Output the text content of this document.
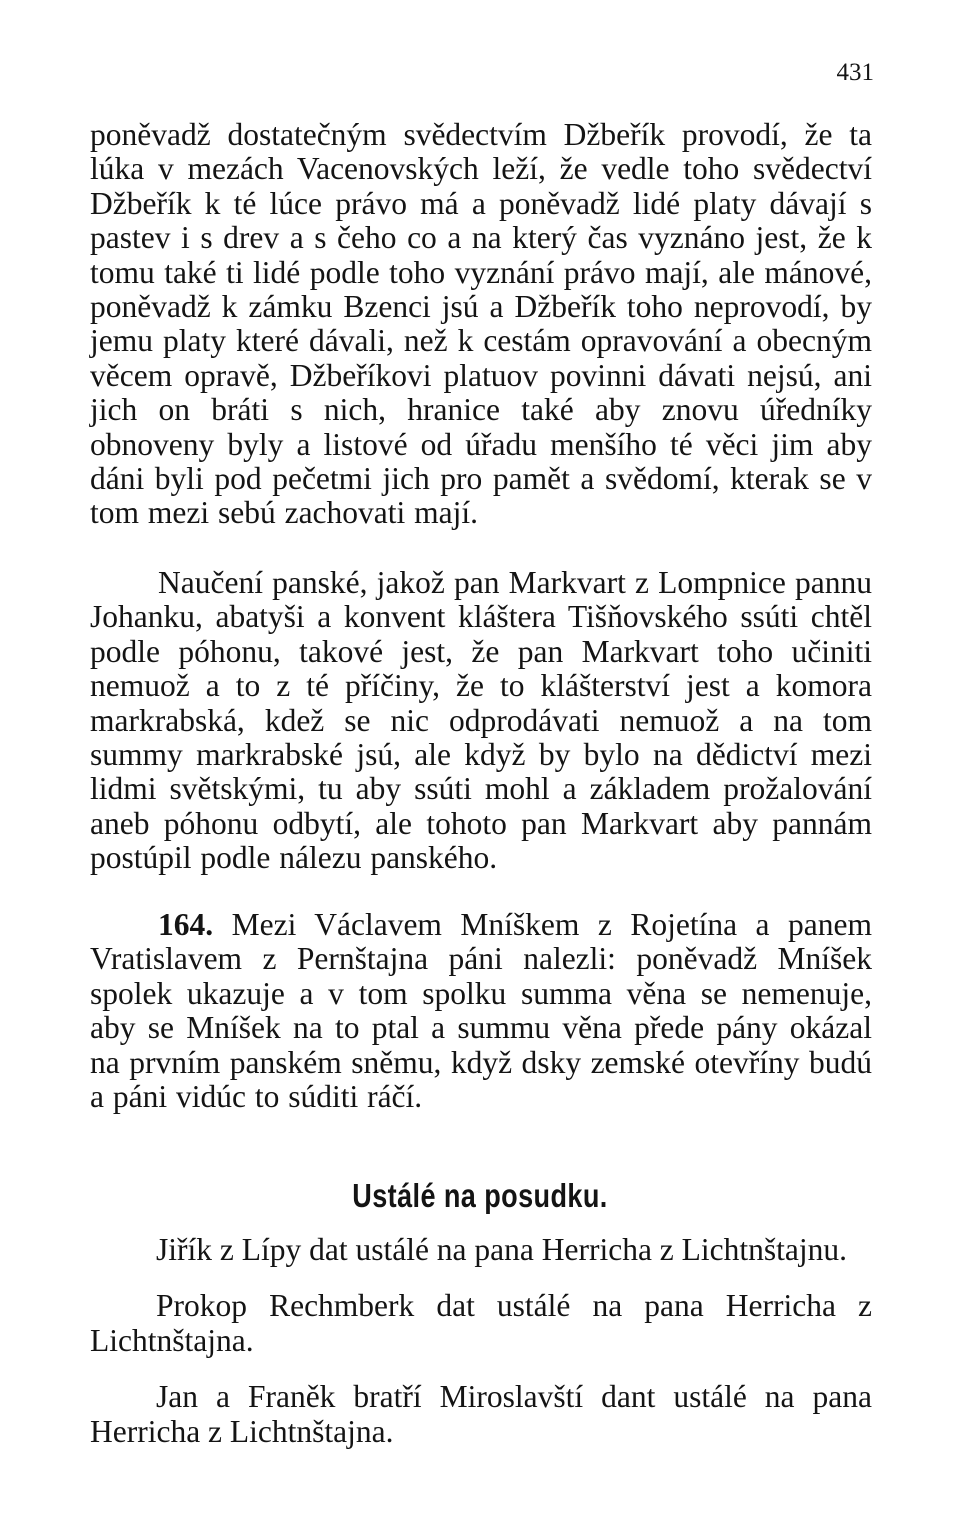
431

poněvadž dostatečným svědectvím Džbeřík provodí, že ta lúka v mezách Vacenovských leží, že vedle toho svědectví Džbeřík k té lúce právo má a poněvadž lidé platy dávají s pastev i s drev a s čeho co a na který čas vyznáno jest, že k tomu také ti lidé podle toho vyznání právo mají, ale mánové, poněvadž k zámku Bzenci jsú a Džbeřík toho neprovodí, by jemu platy které dávali, než k cestám opravování a obecným věcem opravě, Džbeříkovi platuov povinni dávati nejsú, ani jich on bráti s nich, hranice také aby znovu úředníky obnoveny byly a listové od úřadu menšího té věci jim aby dáni byli pod pečetmi jich pro pamět a svědomí, kterak se v tom mezi sebú zachovati mají.

Naučení panské, jakož pan Markvart z Lompnice pannu Johanku, abatyši a konvent kláštera Tišňovského ssúti chtěl podle póhonu, takové jest, že pan Markvart toho učiniti nemuož a to z té příčiny, že to klášterství jest a komora markrabská, kdež se nic odprodávati nemuož a na tom summy markrabské jsú, ale když by bylo na dědictví mezi lidmi světskými, tu aby ssúti mohl a základem prožalování aneb póhonu odbytí, ale tohoto pan Markvart aby pannám postúpil podle nálezu panského.

164. Mezi Václavem Mníškem z Rojetína a panem Vratislavem z Pernštajna páni nalezli: poněvadž Mníšek spolek ukazuje a v tom spolku summa věna se nemenuje, aby se Mníšek na to ptal a summu věna přede pány okázal na prvním panském sněmu, když dsky zemské otevříny budú a páni vidúc to súditi ráčí.

Ustálé na posudku.

Jiřík z Lípy dat ustálé na pana Herricha z Lichtnštajnu.

Prokop Rechmberk dat ustálé na pana Herricha z Lichtnštajna.

Jan a Franěk bratří Miroslavští dant ustálé na pana Herricha z Lichtnštajna.
